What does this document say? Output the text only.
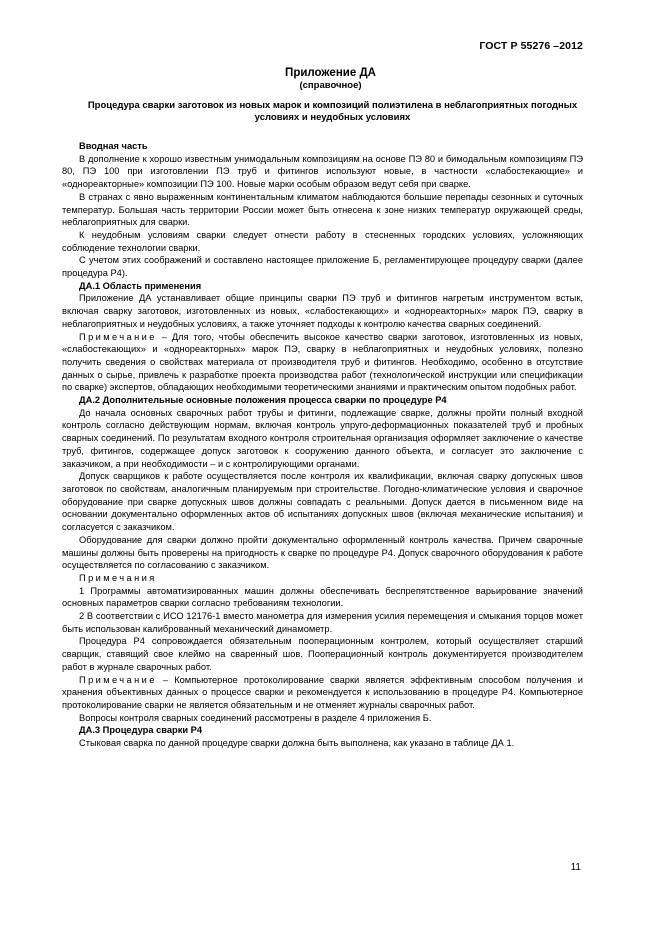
ГОСТ Р 55276 –2012
Приложение ДА
(справочное)
Процедура сварки заготовок из новых марок и композиций полиэтилена в неблагоприятных погодных условиях и неудобных условиях

Вводная часть

В дополнение к хорошо известным унимодальным композициям на основе ПЭ 80 и бимодальным композициям ПЭ 80, ПЭ 100 при изготовлении ПЭ труб и фитингов используют новые, в частности «слабостекающие» и «однореакторные» композиции ПЭ 100. Новые марки особым образом ведут себя при сварке.

В странах с явно выраженным континентальным климатом наблюдаются большие перепады сезонных и суточных температур. Большая часть территории России может быть отнесена к зоне низких температур окружающей среды, неблагоприятных для сварки.

К неудобным условиям сварки следует отнести работу в стесненных городских условиях, усложняющих соблюдение технологии сварки.

С учетом этих соображений и составлено настоящее приложение Б, регламентирующее процедуру сварки (далее процедура Р4).

ДА.1 Область применения

Приложение ДА устанавливает общие принципы сварки ПЭ труб и фитингов нагретым инструментом встык, включая сварку заготовок, изготовленных из новых, «слабостекающих» и «однореакторных» марок ПЭ, сварку в неблагоприятных и неудобных условиях, а также уточняет подходы к контролю качества сварных соединений.

Примечание – Для того, чтобы обеспечить высокое качество сварки заготовок, изготовленных из новых, «слабостекающих» и «однореакторных» марок ПЭ, сварку в неблагоприятных и неудобных условиях, полезно получить сведения о свойствах материала от производителя труб и фитингов. Необходимо, особенно в отсутствие данных о сырье, привлечь к разработке проекта производства работ (технологической инструкции или спецификации по сварке) экспертов, обладающих необходимыми теоретическими знаниями и практическим опытом подобных работ.

ДА.2 Дополнительные основные положения процесса сварки по процедуре Р4

До начала основных сварочных работ трубы и фитинги, подлежащие сварке, должны пройти полный входной контроль согласно действующим нормам, включая контроль упруго-деформационных показателей труб и пробных сварных соединений. По результатам входного контроля строительная организация оформляет заключение о качестве труб, фитингов, содержащее допуск заготовок к сооружению данного объекта, и согласует это заключение с заказчиком, а при необходимости – и с контролирующими органами.

Допуск сварщиков к работе осуществляется после контроля их квалификации, включая сварку допускных швов заготовок по свойствам, аналогичным планируемым при строительстве. Погодно-климатические условия и сварочное оборудование при сварке допускных швов должны совпадать с реальными. Допуск дается в письменном виде на основании документально оформленных актов об испытаниях допускных швов (включая механические испытания) и согласуется с заказчиком.

Оборудование для сварки должно пройти документально оформленный контроль качества. Причем сварочные машины должны быть проверены на пригодность к сварке по процедуре Р4. Допуск сварочного оборудования к работе осуществляется по согласованию с заказчиком.

Примечания

1 Программы автоматизированных машин должны обеспечивать беспрепятственное варьирование значений основных параметров сварки согласно требованиям технологии.

2 В соответствии с ИСО 12176-1 вместо манометра для измерения усилия перемещения и смыкания торцов может быть использован калиброванный механический динамометр.

Процедура Р4 сопровождается обязательным пооперационным контролем, который осуществляет старший сварщик, ставящий свое клеймо на сваренный шов. Пооперационный контроль документируется производителем работ в журнале сварочных работ.

Примечание – Компьютерное протоколирование сварки является эффективным способом получения и хранения объективных данных о процессе сварки и рекомендуется к использованию в процедуре Р4. Компьютерное протоколирование сварки не является обязательным и не отменяет журналы сварочных работ.

Вопросы контроля сварных соединений рассмотрены в разделе 4 приложения Б.

ДА.3 Процедура сварки Р4

Стыковая сварка по данной процедуре сварки должна быть выполнена, как указано в таблице ДА 1.

11
